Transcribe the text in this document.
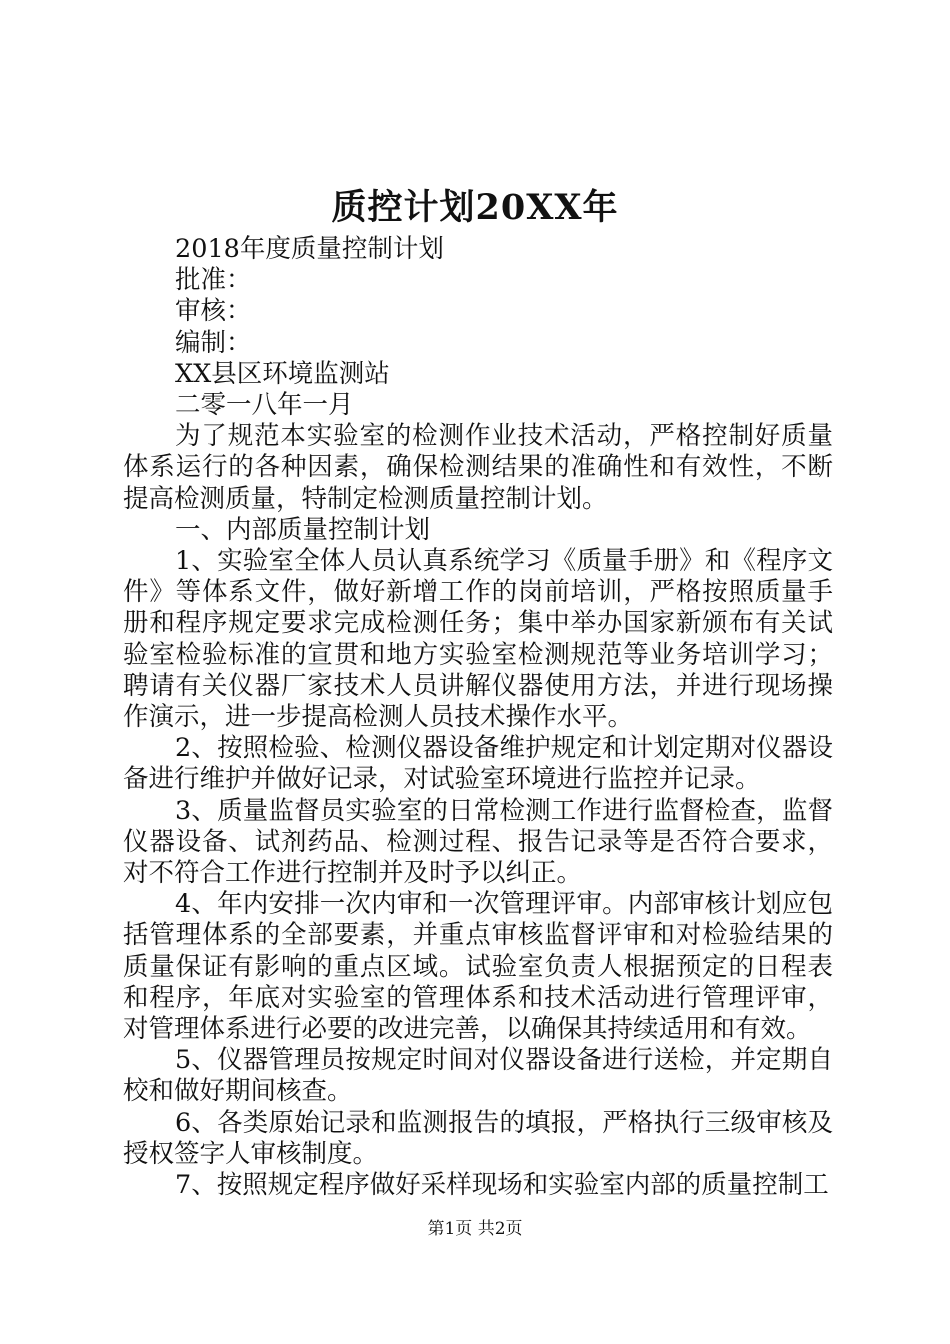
质控计划20XX年

2018年度质量控制计划

批准：

审核：

编制：

XX县区环境监测站

二零一八年一月

为了规范本实验室的检测作业技术活动，严格控制好质量体系运行的各种因素，确保检测结果的准确性和有效性，不断提高检测质量，特制定检测质量控制计划。

一、内部质量控制计划

1、实验室全体人员认真系统学习《质量手册》和《程序文件》等体系文件，做好新增工作的岗前培训，严格按照质量手册和程序规定要求完成检测任务；集中举办国家新颁布有关试验室检验标准的宣贯和地方实验室检测规范等业务培训学习；聘请有关仪器厂家技术人员讲解仪器使用方法，并进行现场操作演示，进一步提高检测人员技术操作水平。

2、按照检验、检测仪器设备维护规定和计划定期对仪器设备进行维护并做好记录，对试验室环境进行监控并记录。

3、质量监督员实验室的日常检测工作进行监督检查，监督仪器设备、试剂药品、检测过程、报告记录等是否符合要求，对不符合工作进行控制并及时予以纠正。

4、年内安排一次内审和一次管理评审。内部审核计划应包括管理体系的全部要素，并重点审核监督评审和对检验结果的质量保证有影响的重点区域。试验室负责人根据预定的日程表和程序，年底对实验室的管理体系和技术活动进行管理评审，对管理体系进行必要的改进完善，以确保其持续适用和有效。

5、仪器管理员按规定时间对仪器设备进行送检，并定期自校和做好期间核查。

6、各类原始记录和监测报告的填报，严格执行三级审核及授权签字人审核制度。

7、按照规定程序做好采样现场和实验室内部的质量控制工

第1页 共2页
